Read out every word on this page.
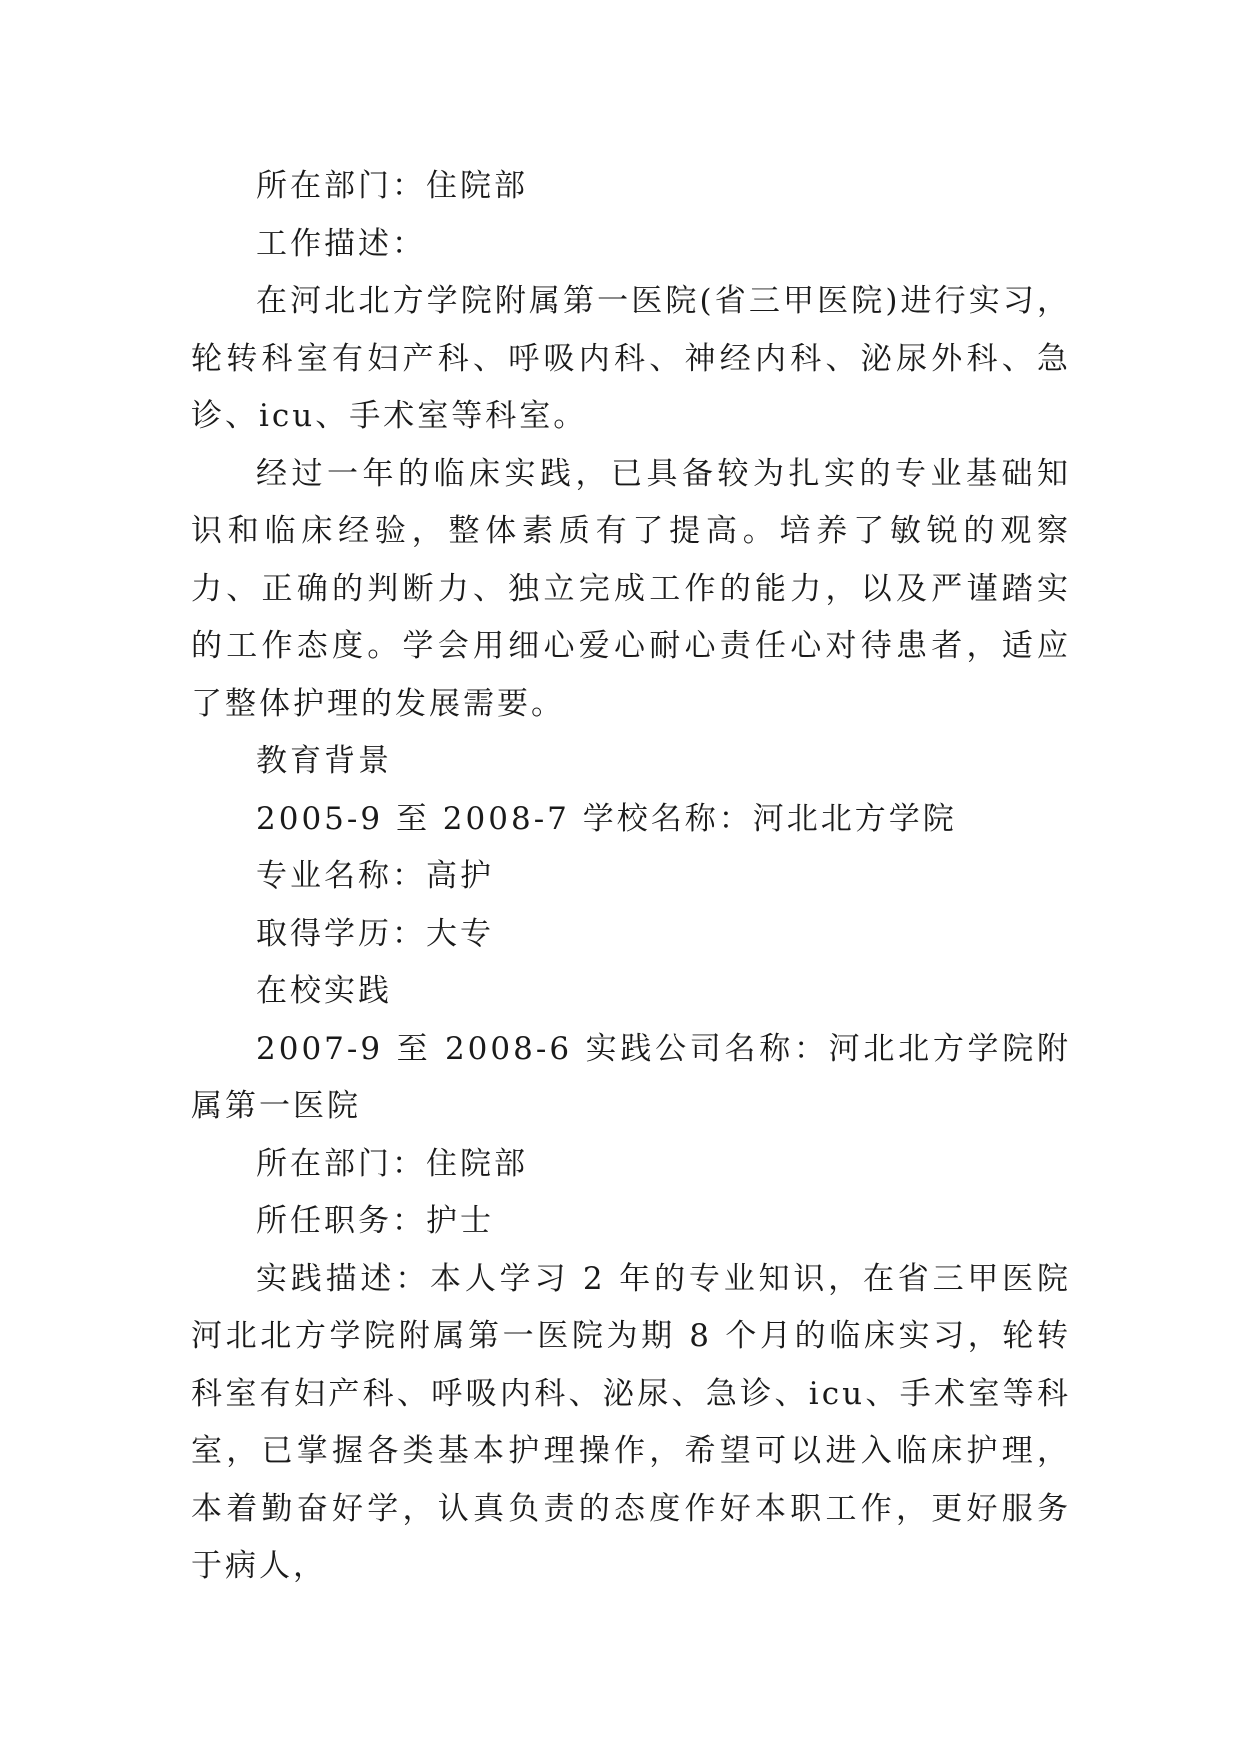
所在部门：住院部

工作描述：

在河北北方学院附属第一医院(省三甲医院)进行实习，轮转科室有妇产科、呼吸内科、神经内科、泌尿外科、急诊、icu、手术室等科室。

经过一年的临床实践，已具备较为扎实的专业基础知识和临床经验，整体素质有了提高。培养了敏锐的观察力、正确的判断力、独立完成工作的能力，以及严谨踏实的工作态度。学会用细心爱心耐心责任心对待患者，适应了整体护理的发展需要。

教育背景

2005-9 至 2008-7 学校名称：河北北方学院

专业名称：高护

取得学历：大专

在校实践

2007-9 至 2008-6 实践公司名称：河北北方学院附属第一医院

所在部门：住院部

所任职务：护士

实践描述：本人学习 2 年的专业知识，在省三甲医院河北北方学院附属第一医院为期 8 个月的临床实习，轮转科室有妇产科、呼吸内科、泌尿、急诊、icu、手术室等科室，已掌握各类基本护理操作，希望可以进入临床护理，本着勤奋好学，认真负责的态度作好本职工作，更好服务于病人，
